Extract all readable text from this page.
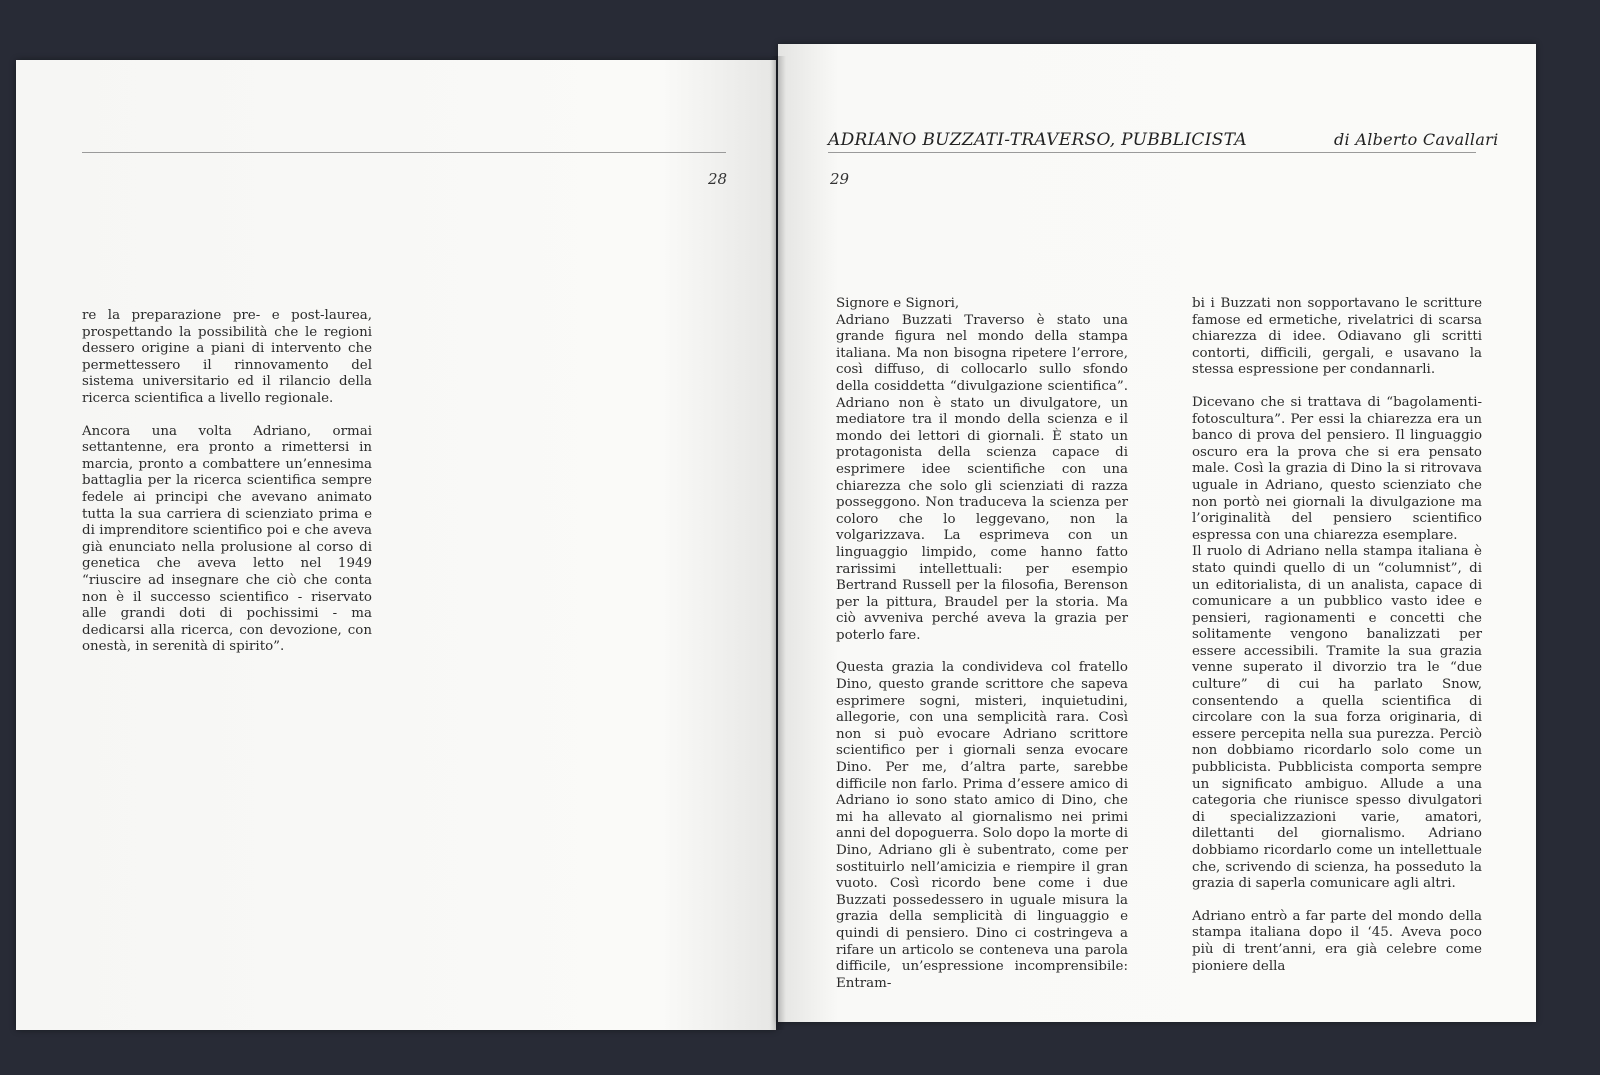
28
ADRIANO BUZZATI-TRAVERSO, PUBBLICISTA	di Alberto Cavallari
29

re la preparazione pre- e post-laurea, prospettando la possibilità che le regioni dessero origine a piani di intervento che permettessero il rinnovamento del sistema universitario ed il rilancio della ricerca scientifica a livello regionale.

Ancora una volta Adriano, ormai settantenne, era pronto a rimettersi in marcia, pronto a combattere un’ennesima battaglia per la ricerca scientifica sempre fedele ai principi che avevano animato tutta la sua carriera di scienziato prima e di imprenditore scientifico poi e che aveva già enunciato nella prolusione al corso di genetica che aveva letto nel 1949 “riuscire ad insegnare che ciò che conta non è il successo scientifico - riservato alle grandi doti di pochissimi - ma dedicarsi alla ricerca, con devozione, con onestà, in serenità di spirito”.

Signore e Signori,

Adriano Buzzati Traverso è stato una grande figura nel mondo della stampa italiana. Ma non bisogna ripetere l’errore, così diffuso, di collocarlo sullo sfondo della cosiddetta “divulgazione scientifica”. Adriano non è stato un divulgatore, un mediatore tra il mondo della scienza e il mondo dei lettori di giornali. È stato un protagonista della scienza capace di esprimere idee scientifiche con una chiarezza che solo gli scienziati di razza posseggono. Non traduceva la scienza per coloro che lo leggevano, non la volgarizzava. La esprimeva con un linguaggio limpido, come hanno fatto rarissimi intellettuali: per esempio Bertrand Russell per la filosofia, Berenson per la pittura, Braudel per la storia. Ma ciò avveniva perché aveva la grazia per poterlo fare.

Questa grazia la condivideva col fratello Dino, questo grande scrittore che sapeva esprimere sogni, misteri, inquietudini, allegorie, con una semplicità rara. Così non si può evocare Adriano scrittore scientifico per i giornali senza evocare Dino. Per me, d’altra parte, sarebbe difficile non farlo. Prima d’essere amico di Adriano io sono stato amico di Dino, che mi ha allevato al giornalismo nei primi anni del dopoguerra. Solo dopo la morte di Dino, Adriano gli è subentrato, come per sostituirlo nell’amicizia e riempire il gran vuoto. Così ricordo bene come i due Buzzati possedessero in uguale misura la grazia della semplicità di linguaggio e quindi di pensiero. Dino ci costringeva a rifare un articolo se conteneva una parola difficile, un’espressione incomprensibile: Entram-

bi i Buzzati non sopportavano le scritture famose ed ermetiche, rivelatrici di scarsa chiarezza di idee. Odiavano gli scritti contorti, difficili, gergali, e usavano la stessa espressione per condannarli.

Dicevano che si trattava di “bagolamenti-fotoscultura”. Per essi la chiarezza era un banco di prova del pensiero. Il linguaggio oscuro era la prova che si era pensato male. Così la grazia di Dino la si ritrovava uguale in Adriano, questo scienziato che non portò nei giornali la divulgazione ma l’originalità del pensiero scientifico espressa con una chiarezza esemplare.

Il ruolo di Adriano nella stampa italiana è stato quindi quello di un “columnist”, di un editorialista, di un analista, capace di comunicare a un pubblico vasto idee e pensieri, ragionamenti e concetti che solitamente vengono banalizzati per essere accessibili. Tramite la sua grazia venne superato il divorzio tra le “due culture” di cui ha parlato Snow, consentendo a quella scientifica di circolare con la sua forza originaria, di essere percepita nella sua purezza. Perciò non dobbiamo ricordarlo solo come un pubblicista. Pubblicista comporta sempre un significato ambiguo. Allude a una categoria che riunisce spesso divulgatori di specializzazioni varie, amatori, dilettanti del giornalismo. Adriano dobbiamo ricordarlo come un intellettuale che, scrivendo di scienza, ha posseduto la grazia di saperla comunicare agli altri.

Adriano entrò a far parte del mondo della stampa italiana dopo il ‘45. Aveva poco più di trent’anni, era già celebre come pioniere della
